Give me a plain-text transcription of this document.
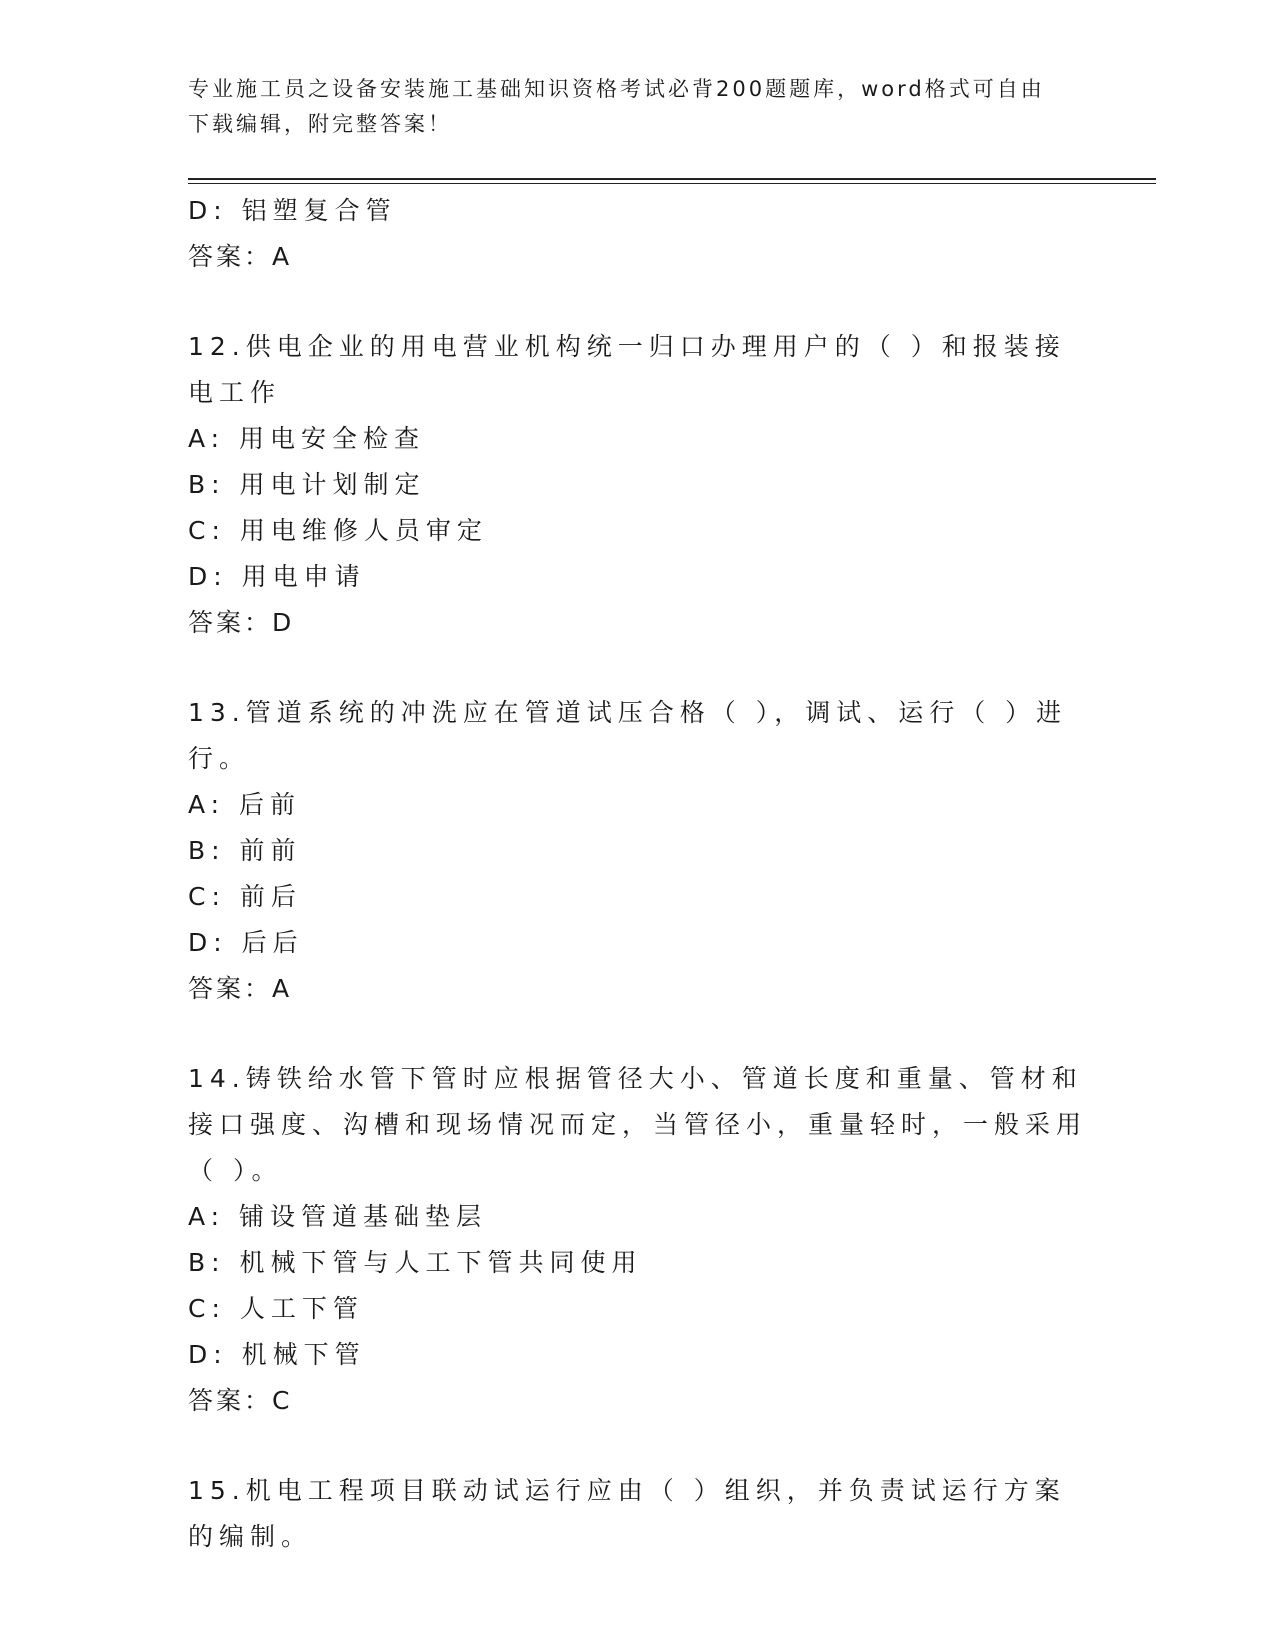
专业施工员之设备安装施工基础知识资格考试必背200题题库，word格式可自由下载编辑，附完整答案！

D: 铝塑复合管

答案：A

12.供电企业的用电营业机构统一归口办理用户的（ ）和报装接电工作

A: 用电安全检查

B: 用电计划制定

C: 用电维修人员审定

D: 用电申请

答案：D

13.管道系统的冲洗应在管道试压合格（ ），调试、运行（ ）进行。

A: 后前

B: 前前

C: 前后

D: 后后

答案：A

14.铸铁给水管下管时应根据管径大小、管道长度和重量、管材和接口强度、沟槽和现场情况而定，当管径小，重量轻时，一般采用（ ）。

A: 铺设管道基础垫层

B: 机械下管与人工下管共同使用

C: 人工下管

D: 机械下管

答案：C

15.机电工程项目联动试运行应由（ ）组织，并负责试运行方案的编制。
